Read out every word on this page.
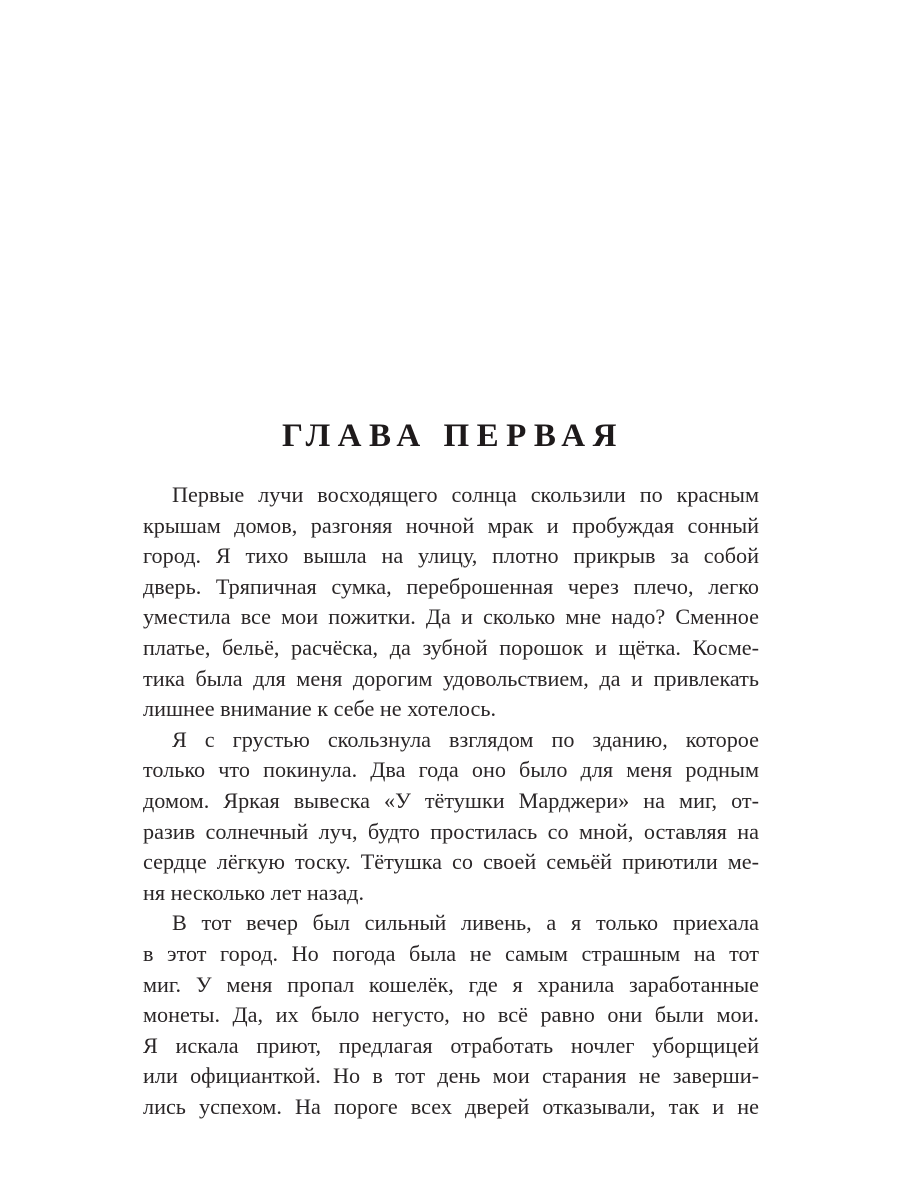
ГЛАВА ПЕРВАЯ
Первые лучи восходящего солнца скользили по красным
крышам домов, разгоняя ночной мрак и пробуждая сонный
город. Я тихо вышла на улицу, плотно прикрыв за собой
дверь. Тряпичная сумка, переброшенная через плечо, легко
уместила все мои пожитки. Да и сколько мне надо? Сменное
платье, бельё, расчёска, да зубной порошок и щётка. Косме-
тика была для меня дорогим удовольствием, да и привлекать
лишнее внимание к себе не хотелось.
Я с грустью скользнула взглядом по зданию, которое
только что покинула. Два года оно было для меня родным
домом. Яркая вывеска «У тётушки Марджери» на миг, от-
разив солнечный луч, будто простилась со мной, оставляя на
сердце лёгкую тоску. Тётушка со своей семьёй приютили ме-
ня несколько лет назад.
В тот вечер был сильный ливень, а я только приехала
в этот город. Но погода была не самым страшным на тот
миг. У меня пропал кошелёк, где я хранила заработанные
монеты. Да, их было негусто, но всё равно они были мои.
Я искала приют, предлагая отработать ночлег уборщицей
или официанткой. Но в тот день мои старания не заверши-
лись успехом. На пороге всех дверей отказывали, так и не
